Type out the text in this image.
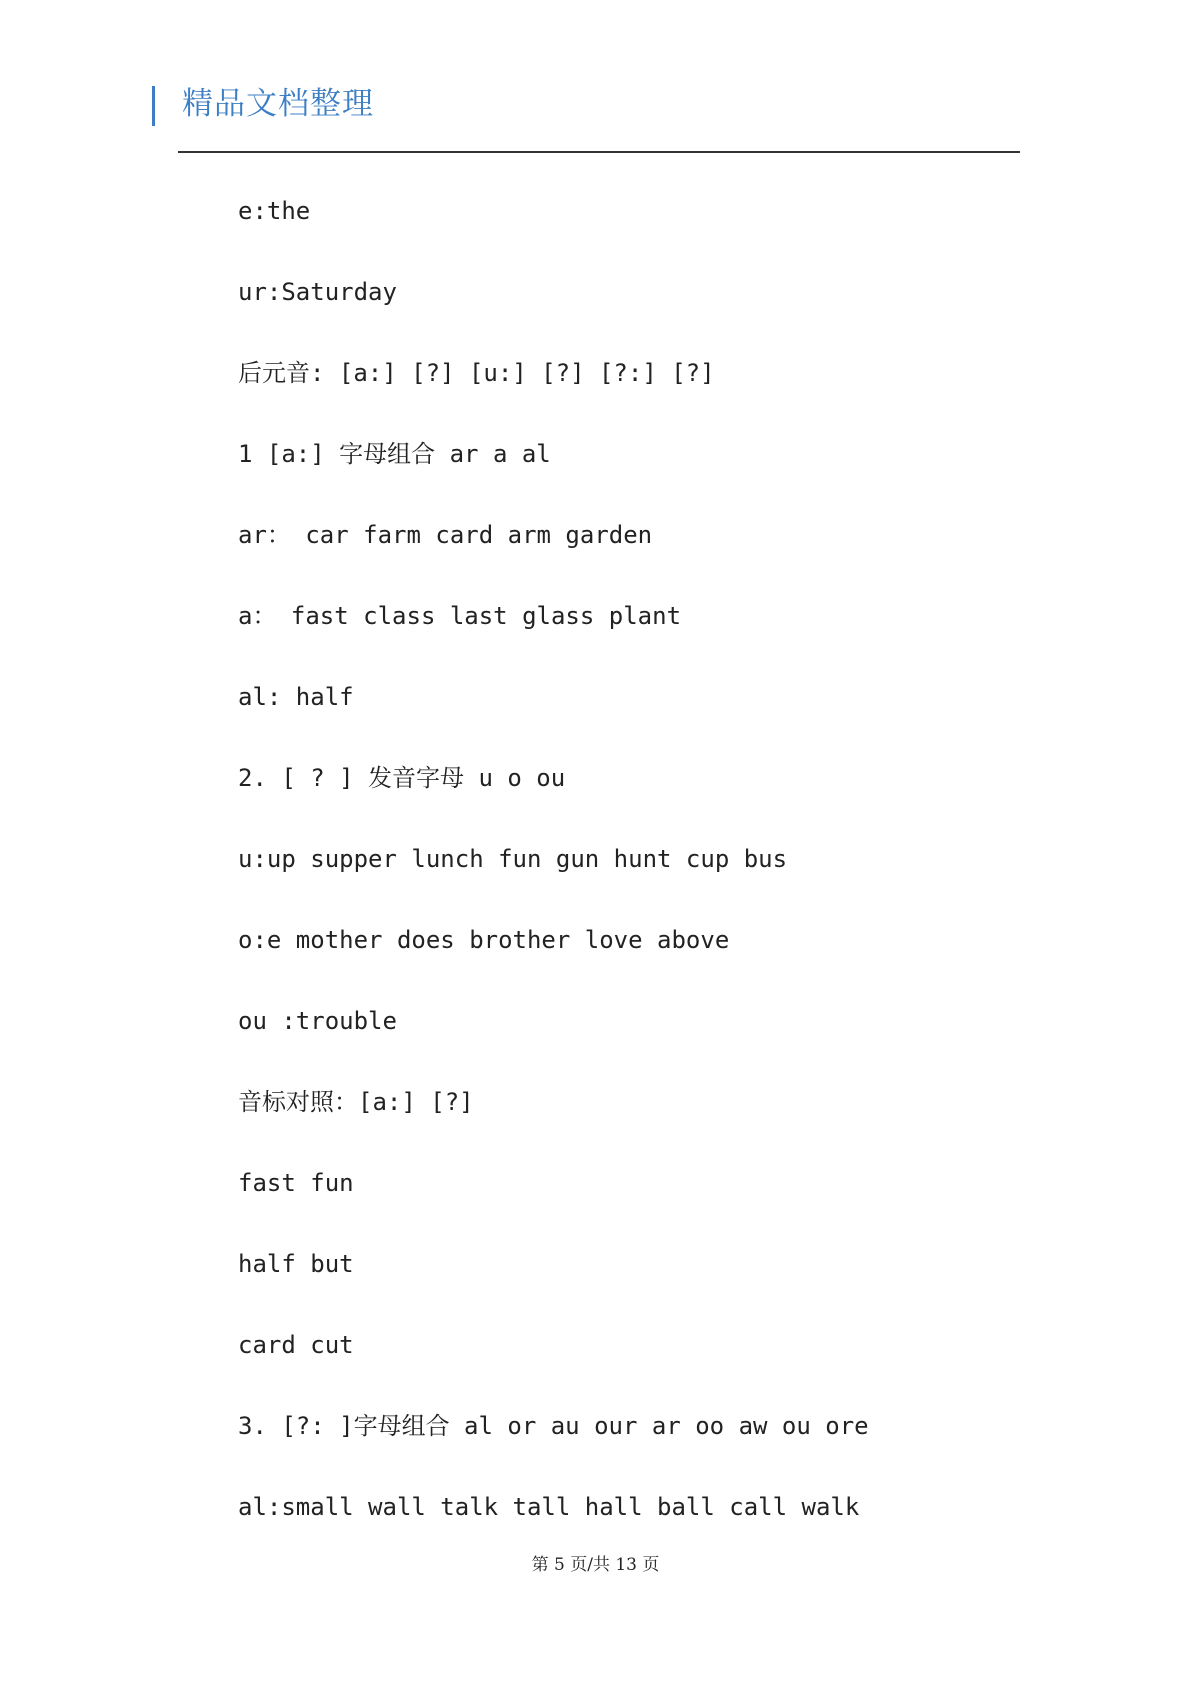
精品文档整理
e:the
ur:Saturday
后元音: [a:] [?] [u:] [?] [?:] [?]
1 [a:] 字母组合 ar a al
ar： car farm card arm garden
a： fast class last glass plant
al: half
2. [ ? ] 发音字母 u o ou
u:up supper lunch fun gun hunt cup bus
o:e mother does brother love above
ou :trouble
音标对照：[a:] [?]
fast fun
half but
card cut
3. [?: ]字母组合 al or au our ar oo aw ou ore
al:small wall talk tall hall ball call walk
第 5 页/共 13 页
